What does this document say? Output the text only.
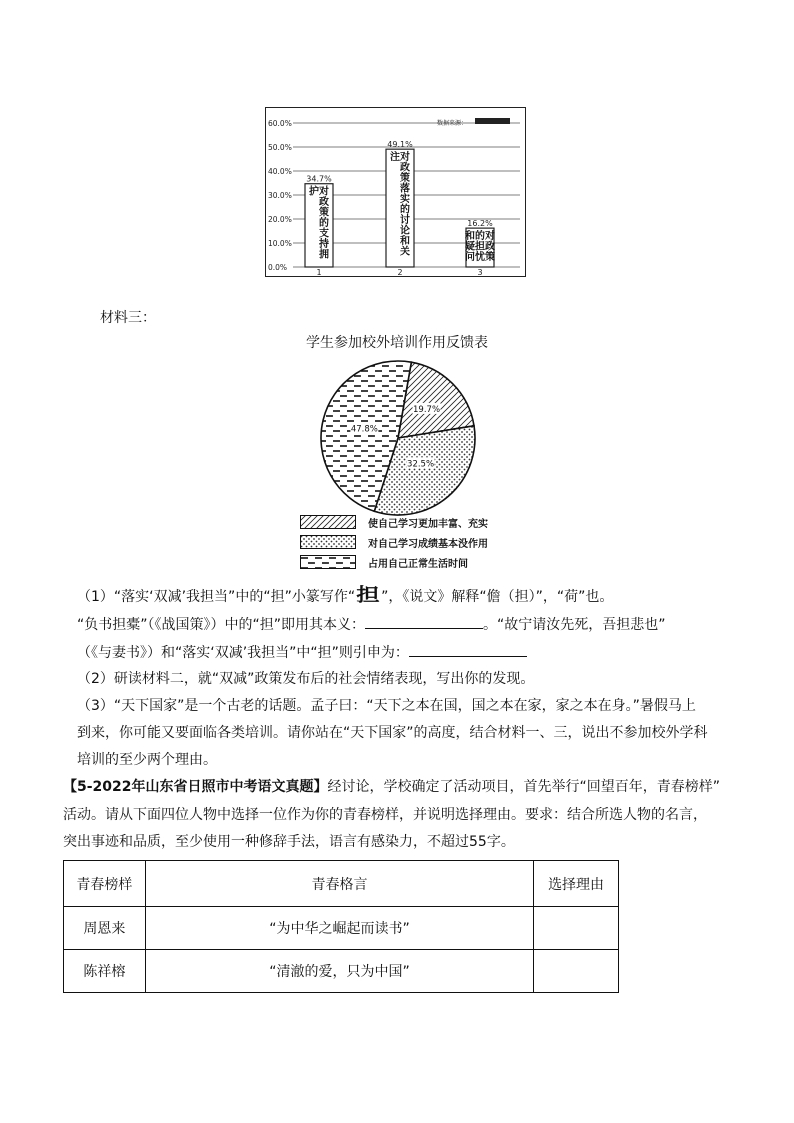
60.0%
50.0%
40.0%
30.0%
20.0%
10.0%
0.0%
34.7%
对
政
策
的
支
持
拥
护
49.1%
对
政
策
落
实
的
讨
论
和
关
注
16.2%
对
政
策
的
担
忧
和
疑
问
1	2	3
数据来源：
材料三：
学生参加校外培训作用反馈表
19.7%
32.5%
47.8%
使自己学习更加丰富、充实
对自己学习成绩基本没作用
占用自己正常生活时间
（1）“落实‘双减’我担当”中的“担”小篆写作“担”，《说文》解释“儋（担）”，“荷”也。
“负书担橐”（《战国策》）中的“担”即用其本义：	。“故宁请汝先死，吾担悲也”
（《与妻书》）和“落实‘双减’我担当”中“担”则引申为：
（2）研读材料二，就“双减”政策发布后的社会情绪表现，写出你的发现。
（3）“天下国家”是一个古老的话题。孟子曰：“天下之本在国，国之本在家，家之本在身。”暑假马上
到来，你可能又要面临各类培训。请你站在“天下国家”的高度，结合材料一、三，说出不参加校外学科
培训的至少两个理由。
【5-2022年山东省日照市中考语文真题】经讨论，学校确定了活动项目，首先举行“回望百年，青春榜样”
活动。请从下面四位人物中选择一位作为你的青春榜样，并说明选择理由。要求：结合所选人物的名言，
突出事迹和品质，至少使用一种修辞手法，语言有感染力，不超过55字。
青春榜样	青春格言	选择理由
周恩来	“为中华之崛起而读书”	
陈祥榕	“清澈的爱，只为中国”	
